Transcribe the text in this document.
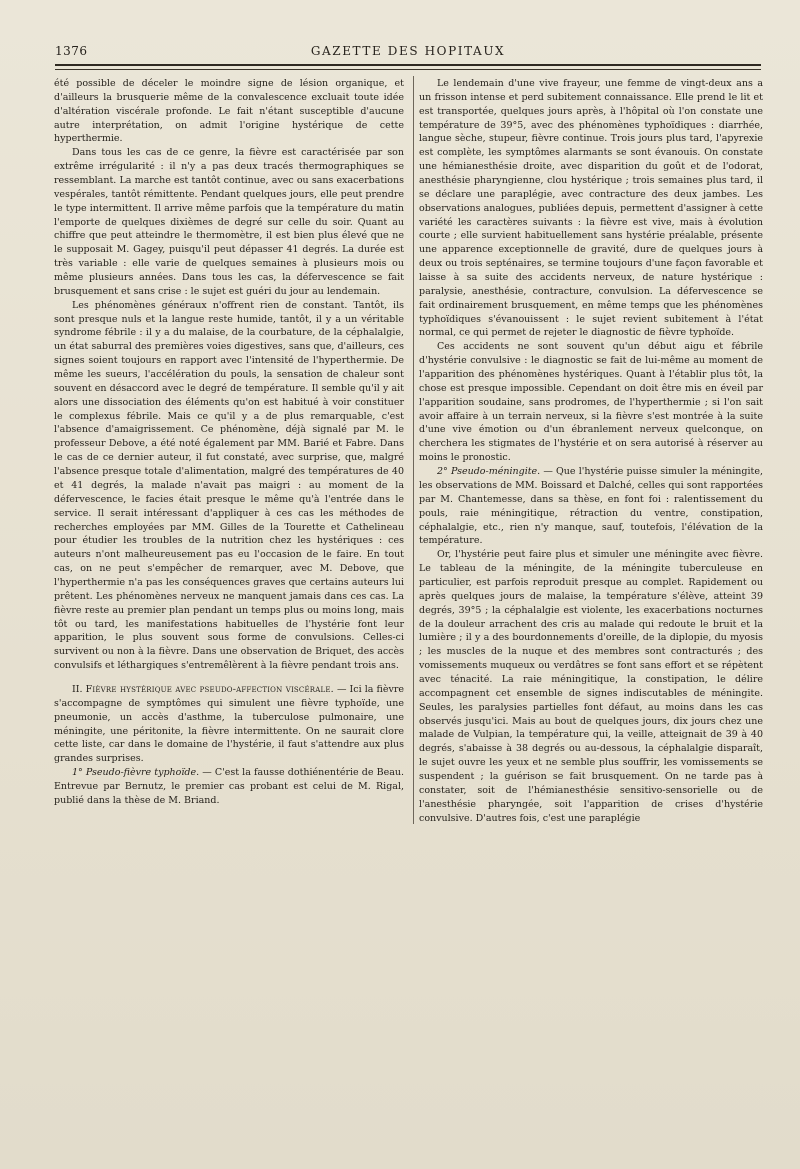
1376	GAZETTE DES HOPITAUX

été possible de déceler le moindre signe de lésion organique, et d'ailleurs la brusquerie même de la convalescence excluait toute idée d'altération viscérale profonde. Le fait n'étant susceptible d'aucune autre interprétation, on admit l'origine hystérique de cette hyperthermie.

Dans tous les cas de ce genre, la fièvre est caractérisée par son extrême irrégularité : il n'y a pas deux tracés thermographiques se ressemblant. La marche est tantôt continue, avec ou sans exacerbations vespérales, tantôt rémittente. Pendant quelques jours, elle peut prendre le type intermittent. Il arrive même parfois que la température du matin l'emporte de quelques dixièmes de degré sur celle du soir. Quant au chiffre que peut atteindre le thermomètre, il est bien plus élevé que ne le supposait M. Gagey, puisqu'il peut dépasser 41 degrés. La durée est très variable : elle varie de quelques semaines à plusieurs mois ou même plusieurs années. Dans tous les cas, la défervescence se fait brusquement et sans crise : le sujet est guéri du jour au lendemain.

Les phénomènes généraux n'offrent rien de constant. Tantôt, ils sont presque nuls et la langue reste humide, tantôt, il y a un véritable syndrome fébrile : il y a du malaise, de la courbature, de la céphalalgie, un état saburral des premières voies digestives, sans que, d'ailleurs, ces signes soient toujours en rapport avec l'intensité de l'hyperthermie. De même les sueurs, l'accélération du pouls, la sensation de chaleur sont souvent en désaccord avec le degré de température. Il semble qu'il y ait alors une dissociation des éléments qu'on est habitué à voir constituer le complexus fébrile. Mais ce qu'il y a de plus remarquable, c'est l'absence d'amaigrissement. Ce phénomène, déjà signalé par M. le professeur Debove, a été noté également par MM. Barié et Fabre. Dans le cas de ce dernier auteur, il fut constaté, avec surprise, que, malgré l'absence presque totale d'alimentation, malgré des températures de 40 et 41 degrés, la malade n'avait pas maigri : au moment de la défervescence, le facies était presque le même qu'à l'entrée dans le service. Il serait intéressant d'appliquer à ces cas les méthodes de recherches employées par MM. Gilles de la Tourette et Cathelineau pour étudier les troubles de la nutrition chez les hystériques : ces auteurs n'ont malheureusement pas eu l'occasion de le faire. En tout cas, on ne peut s'empêcher de remarquer, avec M. Debove, que l'hyperthermie n'a pas les conséquences graves que certains auteurs lui prêtent. Les phénomènes nerveux ne manquent jamais dans ces cas. La fièvre reste au premier plan pendant un temps plus ou moins long, mais tôt ou tard, les manifestations habituelles de l'hystérie font leur apparition, le plus souvent sous forme de convulsions. Celles-ci survivent ou non à la fièvre. Dans une observation de Briquet, des accès convulsifs et léthargiques s'entremêlèrent à la fièvre pendant trois ans.

II. Fièvre hystérique avec pseudo-affection viscérale. — Ici la fièvre s'accompagne de symptômes qui simulent une fièvre typhoïde, une pneumonie, un accès d'asthme, la tuberculose pulmonaire, une méningite, une péritonite, la fièvre intermittente. On ne saurait clore cette liste, car dans le domaine de l'hystérie, il faut s'attendre aux plus grandes surprises.

1° Pseudo-fièvre typhoïde. — C'est la fausse dothiénentérie de Beau. Entrevue par Bernutz, le premier cas probant est celui de M. Rigal, publié dans la thèse de M. Briand.

Le lendemain d'une vive frayeur, une femme de vingt-deux ans a un frisson intense et perd subitement connaissance. Elle prend le lit et est transportée, quelques jours après, à l'hôpital où l'on constate une température de 39°5, avec des phénomènes typhoïdiques : diarrhée, langue sèche, stupeur, fièvre continue. Trois jours plus tard, l'apyrexie est complète, les symptômes alarmants se sont évanouis. On constate une hémianesthésie droite, avec disparition du goût et de l'odorat, anesthésie pharyngienne, clou hystérique ; trois semaines plus tard, il se déclare une paraplégie, avec contracture des deux jambes. Les observations analogues, publiées depuis, permettent d'assigner à cette variété les caractères suivants : la fièvre est vive, mais à évolution courte ; elle survient habituellement sans hystérie préalable, présente une apparence exceptionnelle de gravité, dure de quelques jours à deux ou trois septénaires, se termine toujours d'une façon favorable et laisse à sa suite des accidents nerveux, de nature hystérique : paralysie, anesthésie, contracture, convulsion. La défervescence se fait ordinairement brusquement, en même temps que les phénomènes typhoïdiques s'évanouissent : le sujet revient subitement à l'état normal, ce qui permet de rejeter le diagnostic de fièvre typhoïde.

Ces accidents ne sont souvent qu'un début aigu et fébrile d'hystérie convulsive : le diagnostic se fait de lui-même au moment de l'apparition des phénomènes hystériques. Quant à l'établir plus tôt, la chose est presque impossible. Cependant on doit être mis en éveil par l'apparition soudaine, sans prodromes, de l'hyperthermie ; si l'on sait avoir affaire à un terrain nerveux, si la fièvre s'est montrée à la suite d'une vive émotion ou d'un ébranlement nerveux quelconque, on cherchera les stigmates de l'hystérie et on sera autorisé à réserver au moins le pronostic.

2° Pseudo-méningite. — Que l'hystérie puisse simuler la méningite, les observations de MM. Boissard et Dalché, celles qui sont rapportées par M. Chantemesse, dans sa thèse, en font foi : ralentissement du pouls, raie méningitique, rétraction du ventre, constipation, céphalalgie, etc., rien n'y manque, sauf, toutefois, l'élévation de la température.

Or, l'hystérie peut faire plus et simuler une méningite avec fièvre. Le tableau de la méningite, de la méningite tuberculeuse en particulier, est parfois reproduit presque au complet. Rapidement ou après quelques jours de malaise, la température s'élève, atteint 39 degrés, 39°5 ; la céphalalgie est violente, les exacerbations nocturnes de la douleur arrachent des cris au malade qui redoute le bruit et la lumière ; il y a des bourdonnements d'oreille, de la diplopie, du myosis ; les muscles de la nuque et des membres sont contracturés ; des vomissements muqueux ou verdâtres se font sans effort et se répètent avec ténacité. La raie méningitique, la constipation, le délire accompagnent cet ensemble de signes indiscutables de méningite. Seules, les paralysies partielles font défaut, au moins dans les cas observés jusqu'ici. Mais au bout de quelques jours, dix jours chez une malade de Vulpian, la température qui, la veille, atteignait de 39 à 40 degrés, s'abaisse à 38 degrés ou au-dessous, la céphalalgie disparaît, le sujet ouvre les yeux et ne semble plus souffrir, les vomissements se suspendent ; la guérison se fait brusquement. On ne tarde pas à constater, soit de l'hémianesthésie sensitivo-sensorielle ou de l'anesthésie pharyngée, soit l'apparition de crises d'hystérie convulsive. D'autres fois, c'est une paraplégie
